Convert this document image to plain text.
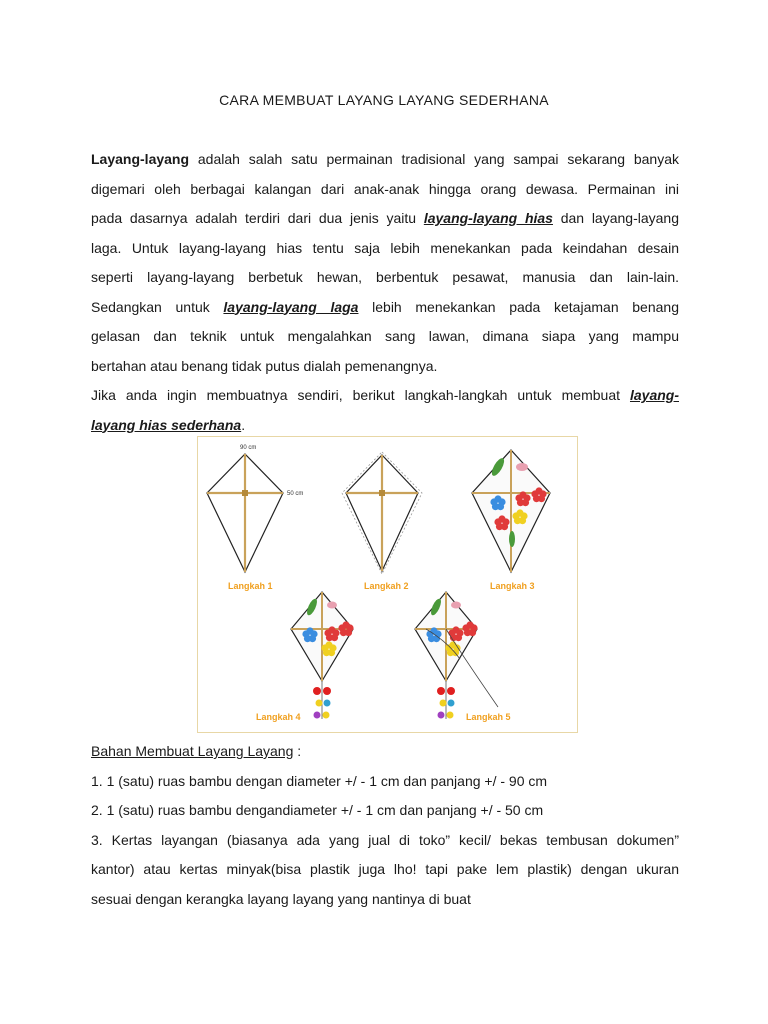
CARA MEMBUAT LAYANG LAYANG SEDERHANA
Layang-layang adalah salah satu permainan tradisional yang sampai sekarang banyak
digemari oleh berbagai kalangan dari anak-anak hingga orang dewasa. Permainan ini
pada dasarnya adalah terdiri dari dua jenis yaitu layang-layang hias dan layang-layang
laga. Untuk layang-layang hias tentu saja lebih menekankan pada keindahan desain
seperti layang-layang berbetuk hewan, berbentuk pesawat, manusia dan lain-lain.
Sedangkan untuk layang-layang laga lebih menekankan pada ketajaman benang
gelasan dan teknik untuk mengalahkan sang lawan, dimana siapa yang mampu
bertahan atau benang tidak putus dialah pemenangnya.
Jika anda ingin membuatnya sendiri, berikut langkah-langkah untuk membuat layang-
layang hias sederhana.
90 cm
50 cm
Langkah 1	Langkah 2	Langkah 3
Langkah 4	Langkah 5
Bahan Membuat Layang Layang :
1. 1 (satu) ruas bambu dengan diameter +/ - 1 cm dan panjang +/ - 90 cm
2. 1 (satu) ruas bambu dengandiameter +/ - 1 cm dan panjang +/ - 50 cm
3. Kertas layangan (biasanya ada yang jual di toko” kecil/ bekas tembusan dokumen”
kantor) atau kertas minyak(bisa plastik juga lho! tapi pake lem plastik) dengan ukuran
sesuai dengan kerangka layang layang yang nantinya di buat
